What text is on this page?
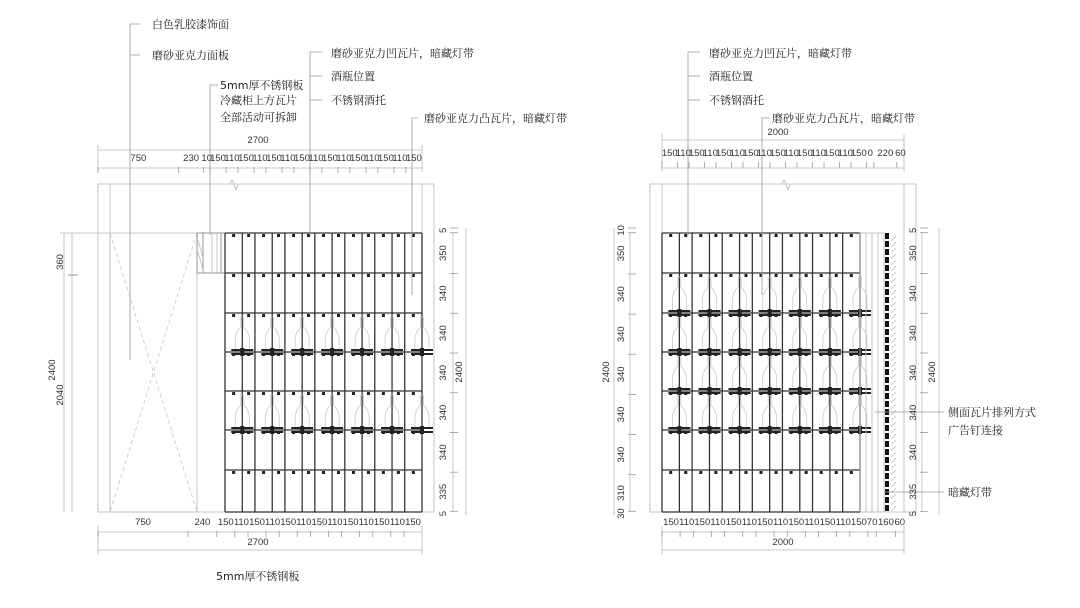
白色乳胶漆饰面
磨砂亚克力面板
5mm厚不锈钢板
冷藏柜上方瓦片
全部活动可拆卸
磨砂亚克力凹瓦片，暗藏灯带
酒瓶位置
不锈钢酒托
磨砂亚克力凸瓦片，暗藏灯带
5mm厚不锈钢板
2700
2700
750	230 10
150
110
150
110
150
110
150
110
150
110
150
110
150
110
150
750	240 150 110 150 110 150 110 150 110 150 110 150 110 150
360
2040
2400	2400
5
350
340
340
340
340
340
335
5
磨砂亚克力凹瓦片，暗藏灯带
酒瓶位置
不锈钢酒托
磨砂亚克力凸瓦片，暗藏灯带
侧面瓦片排列方式
广告钉连接
暗藏灯带
2000
2000
150
110
150
110
150
110
150
110
150
110
150
110
150
110
150 0 220 60
150 110 150 110 150 110 150 110 150 110 150 110 150 70 160 60
2400
10
350
340
340
340
340
340
310
30
2400
5
350
340
340
340
340
340
335
5
